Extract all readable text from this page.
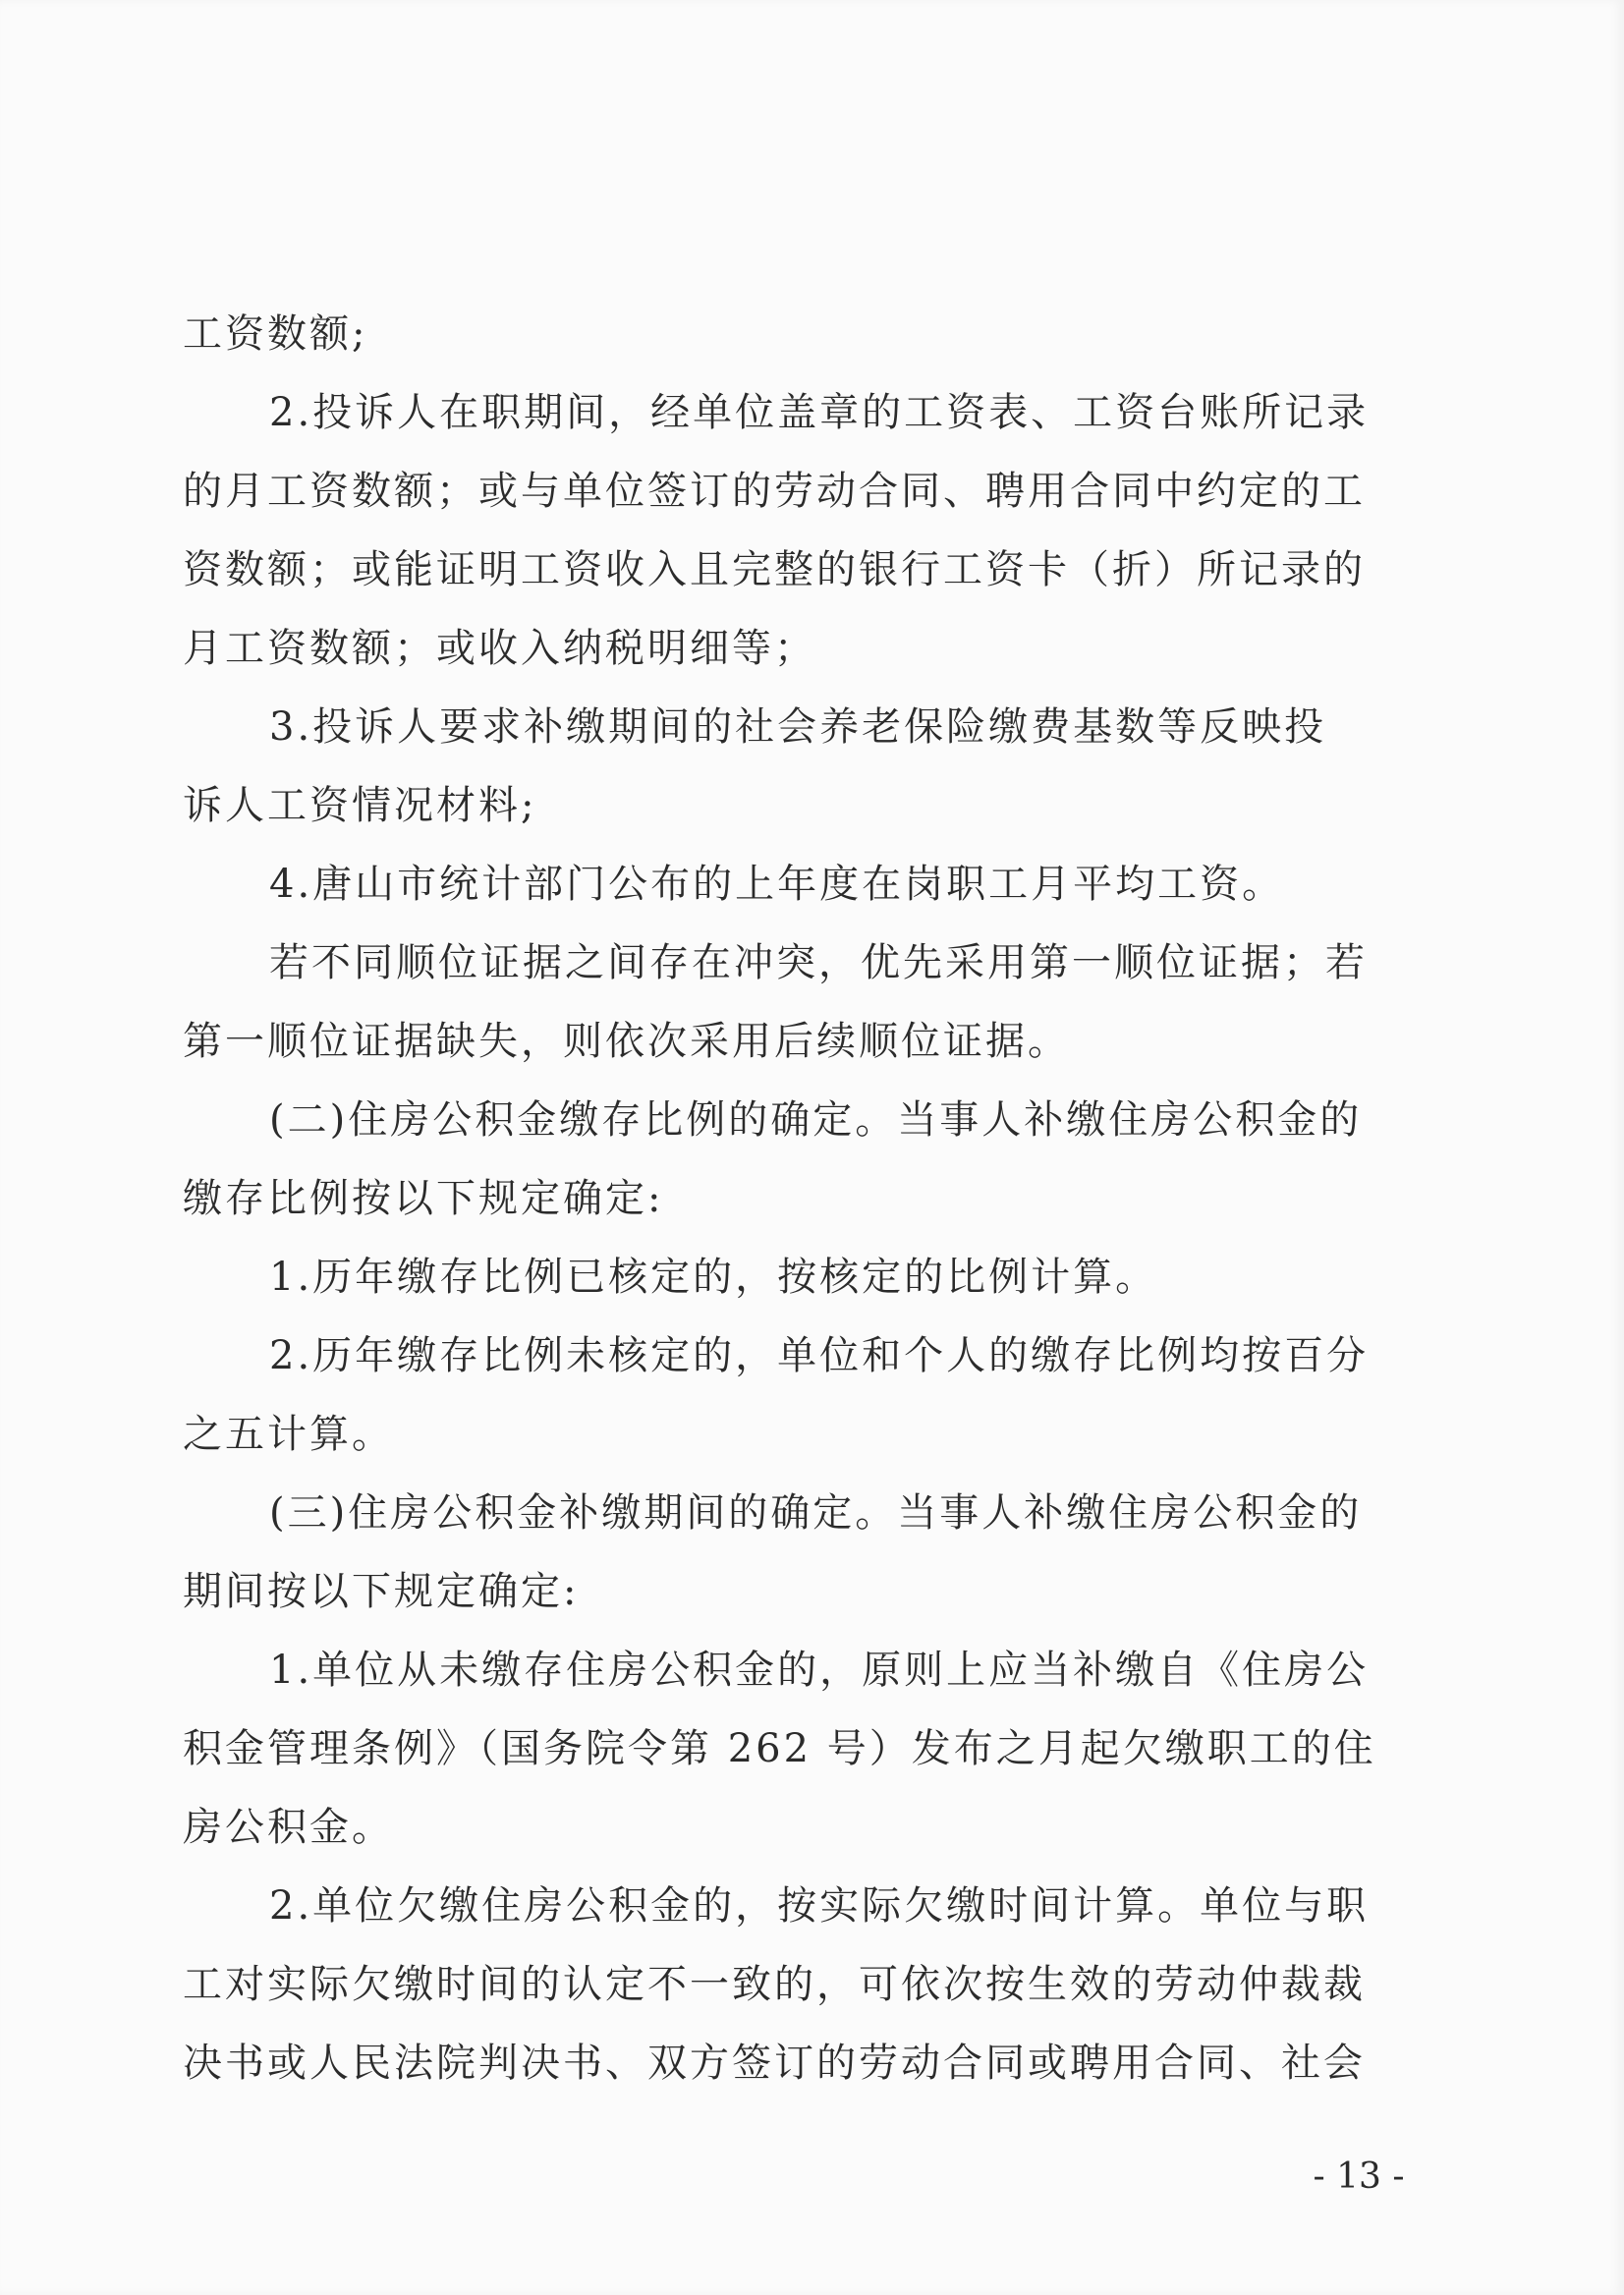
工资数额;
2.投诉人在职期间，经单位盖章的工资表、工资台账所记录
的月工资数额；或与单位签订的劳动合同、聘用合同中约定的工
资数额；或能证明工资收入且完整的银行工资卡（折）所记录的
月工资数额；或收入纳税明细等；
3.投诉人要求补缴期间的社会养老保险缴费基数等反映投
诉人工资情况材料;
4.唐山市统计部门公布的上年度在岗职工月平均工资。
若不同顺位证据之间存在冲突，优先采用第一顺位证据；若
第一顺位证据缺失，则依次采用后续顺位证据。
(二)住房公积金缴存比例的确定。当事人补缴住房公积金的
缴存比例按以下规定确定:
1.历年缴存比例已核定的，按核定的比例计算。
2.历年缴存比例未核定的，单位和个人的缴存比例均按百分
之五计算。
(三)住房公积金补缴期间的确定。当事人补缴住房公积金的
期间按以下规定确定:
1.单位从未缴存住房公积金的，原则上应当补缴自《住房公
积金管理条例》（国务院令第 262 号）发布之月起欠缴职工的住
房公积金。
2.单位欠缴住房公积金的，按实际欠缴时间计算。单位与职
工对实际欠缴时间的认定不一致的，可依次按生效的劳动仲裁裁
决书或人民法院判决书、双方签订的劳动合同或聘用合同、社会
- 13 -
